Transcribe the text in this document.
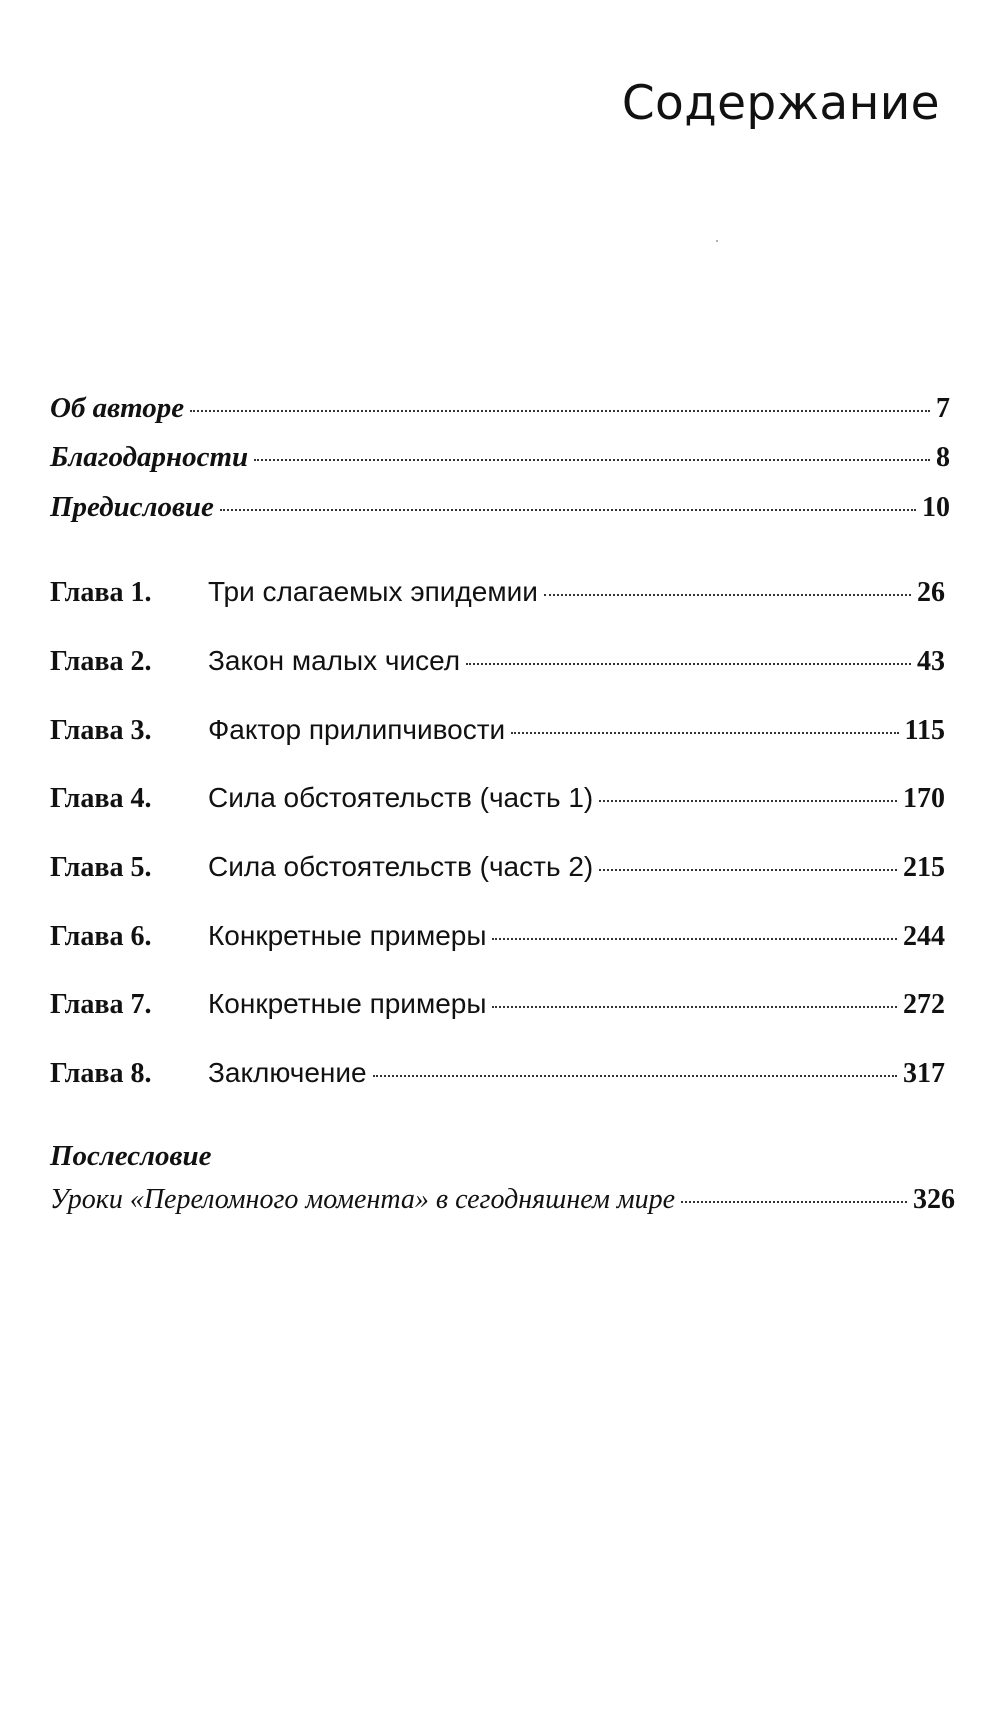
Содержание
Об авторе	7
Благодарности	8
Предисловие	10
Глава 1.	Три слагаемых эпидемии	26
Глава 2.	Закон малых чисел	43
Глава 3.	Фактор прилипчивости	115
Глава 4.	Сила обстоятельств (часть 1)	170
Глава 5.	Сила обстоятельств (часть 2)	215
Глава 6.	Конкретные примеры	244
Глава 7.	Конкретные примеры	272
Глава 8.	Заключение	317
Послесловие
Уроки «Переломного момента» в сегодняшнем мире	326
